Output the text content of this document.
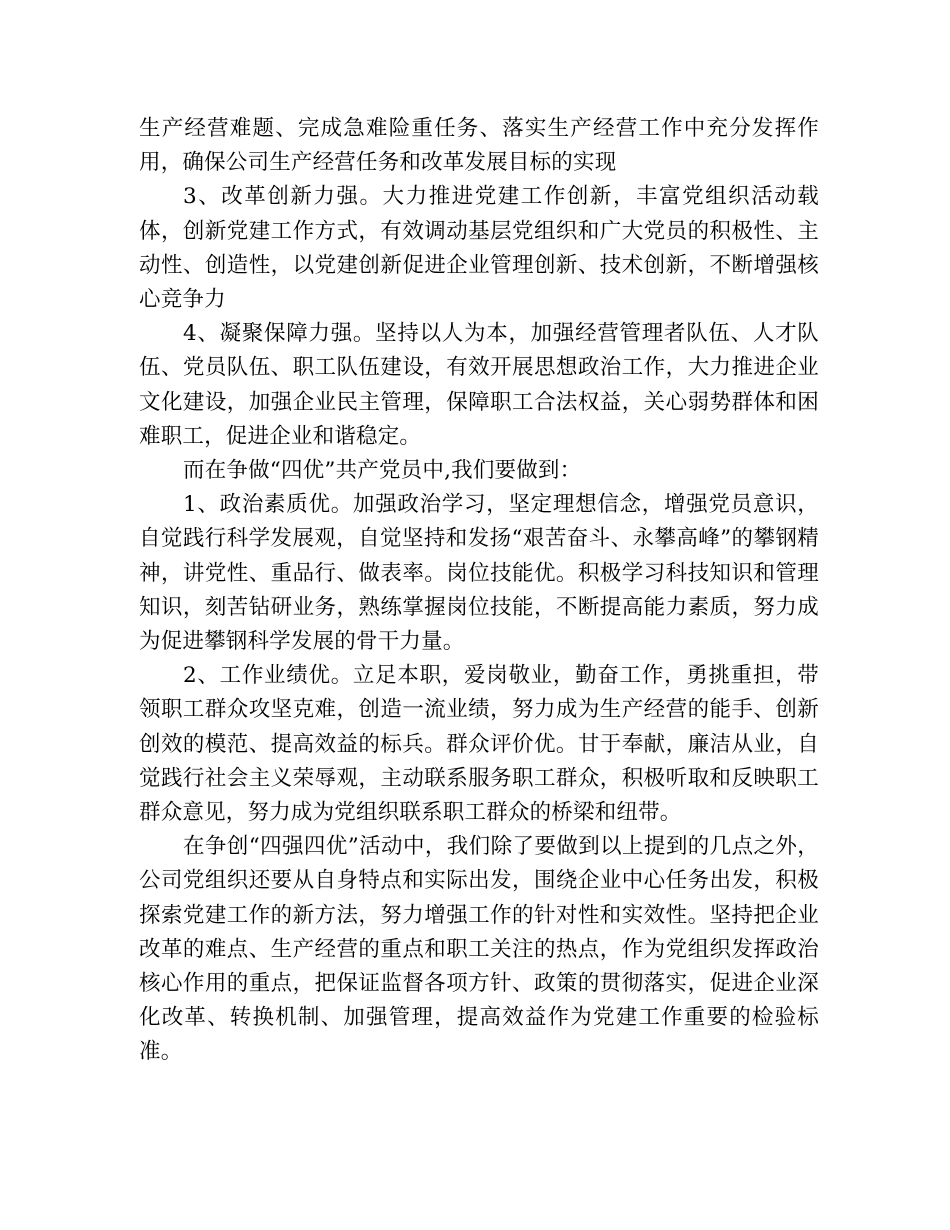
生产经营难题、完成急难险重任务、落实生产经营工作中充分发挥作用，确保公司生产经营任务和改革发展目标的实现

3、改革创新力强。大力推进党建工作创新，丰富党组织活动载体，创新党建工作方式，有效调动基层党组织和广大党员的积极性、主动性、创造性，以党建创新促进企业管理创新、技术创新，不断增强核心竞争力

4、凝聚保障力强。坚持以人为本，加强经营管理者队伍、人才队伍、党员队伍、职工队伍建设，有效开展思想政治工作，大力推进企业文化建设，加强企业民主管理，保障职工合法权益，关心弱势群体和困难职工，促进企业和谐稳定。

而在争做“四优”共产党员中,我们要做到：

1、政治素质优。加强政治学习，坚定理想信念，增强党员意识，自觉践行科学发展观，自觉坚持和发扬“艰苦奋斗、永攀高峰”的攀钢精神，讲党性、重品行、做表率。岗位技能优。积极学习科技知识和管理知识，刻苦钻研业务，熟练掌握岗位技能，不断提高能力素质，努力成为促进攀钢科学发展的骨干力量。

2、工作业绩优。立足本职，爱岗敬业，勤奋工作，勇挑重担，带领职工群众攻坚克难，创造一流业绩，努力成为生产经营的能手、创新创效的模范、提高效益的标兵。群众评价优。甘于奉献，廉洁从业，自觉践行社会主义荣辱观，主动联系服务职工群众，积极听取和反映职工群众意见，努力成为党组织联系职工群众的桥梁和纽带。

在争创“四强四优”活动中，我们除了要做到以上提到的几点之外，公司党组织还要从自身特点和实际出发，围绕企业中心任务出发，积极探索党建工作的新方法，努力增强工作的针对性和实效性。坚持把企业改革的难点、生产经营的重点和职工关注的热点，作为党组织发挥政治核心作用的重点，把保证监督各项方针、政策的贯彻落实，促进企业深化改革、转换机制、加强管理，提高效益作为党建工作重要的检验标准。
